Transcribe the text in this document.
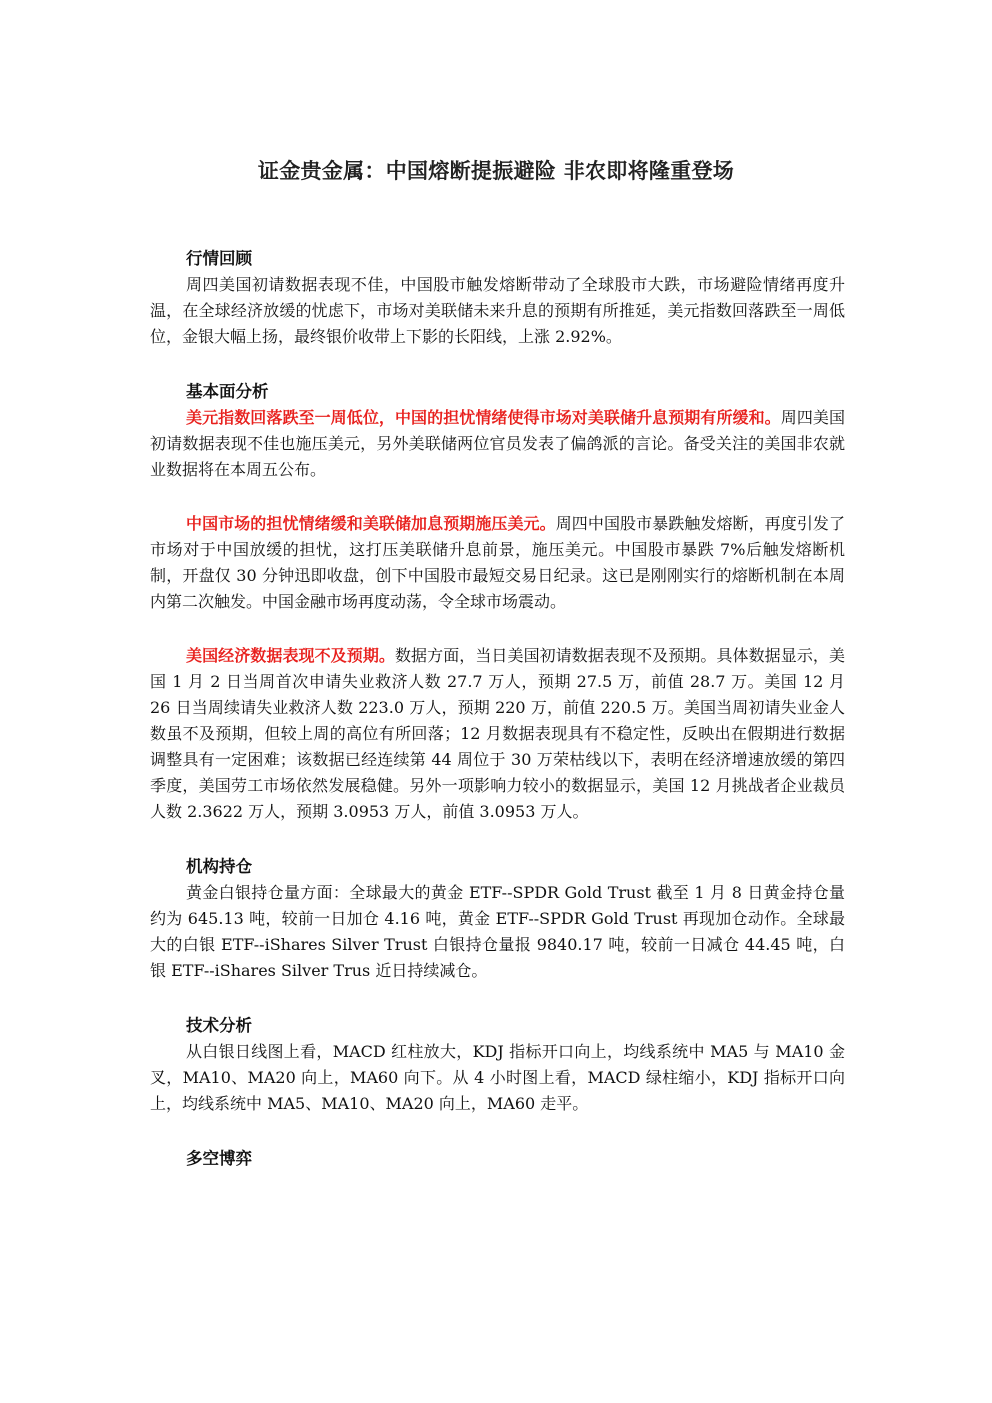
证金贵金属：中国熔断提振避险 非农即将隆重登场
行情回顾

周四美国初请数据表现不佳，中国股市触发熔断带动了全球股市大跌，市场避险情绪再度升温，在全球经济放缓的忧虑下，市场对美联储未来升息的预期有所推延，美元指数回落跌至一周低位，金银大幅上扬，最终银价收带上下影的长阳线，上涨 2.92%。

基本面分析

美元指数回落跌至一周低位，中国的担忧情绪使得市场对美联储升息预期有所缓和。周四美国初请数据表现不佳也施压美元，另外美联储两位官员发表了偏鸽派的言论。备受关注的美国非农就业数据将在本周五公布。

中国市场的担忧情绪缓和美联储加息预期施压美元。周四中国股市暴跌触发熔断，再度引发了市场对于中国放缓的担忧，这打压美联储升息前景，施压美元。中国股市暴跌 7%后触发熔断机制，开盘仅 30 分钟迅即收盘，创下中国股市最短交易日纪录。这已是刚刚实行的熔断机制在本周内第二次触发。中国金融市场再度动荡，令全球市场震动。

美国经济数据表现不及预期。数据方面，当日美国初请数据表现不及预期。具体数据显示，美国 1 月 2 日当周首次申请失业救济人数 27.7 万人，预期 27.5 万，前值 28.7 万。美国 12 月 26 日当周续请失业救济人数 223.0 万人，预期 220 万，前值 220.5 万。美国当周初请失业金人数虽不及预期，但较上周的高位有所回落；12 月数据表现具有不稳定性，反映出在假期进行数据调整具有一定困难；该数据已经连续第 44 周位于 30 万荣枯线以下，表明在经济增速放缓的第四季度，美国劳工市场依然发展稳健。另外一项影响力较小的数据显示，美国 12 月挑战者企业裁员人数 2.3622 万人，预期 3.0953 万人，前值 3.0953 万人。

机构持仓

黄金白银持仓量方面：全球最大的黄金 ETF--SPDR Gold Trust 截至 1 月 8 日黄金持仓量约为 645.13 吨，较前一日加仓 4.16 吨，黄金 ETF--SPDR Gold Trust 再现加仓动作。全球最大的白银 ETF--iShares Silver Trust 白银持仓量报 9840.17 吨，较前一日减仓 44.45 吨，白银 ETF--iShares Silver Trus 近日持续减仓。

技术分析

从白银日线图上看，MACD 红柱放大，KDJ 指标开口向上，均线系统中 MA5 与 MA10 金叉，MA10、MA20 向上，MA60 向下。从 4 小时图上看，MACD 绿柱缩小，KDJ 指标开口向上，均线系统中 MA5、MA10、MA20 向上，MA60 走平。

多空博弈
